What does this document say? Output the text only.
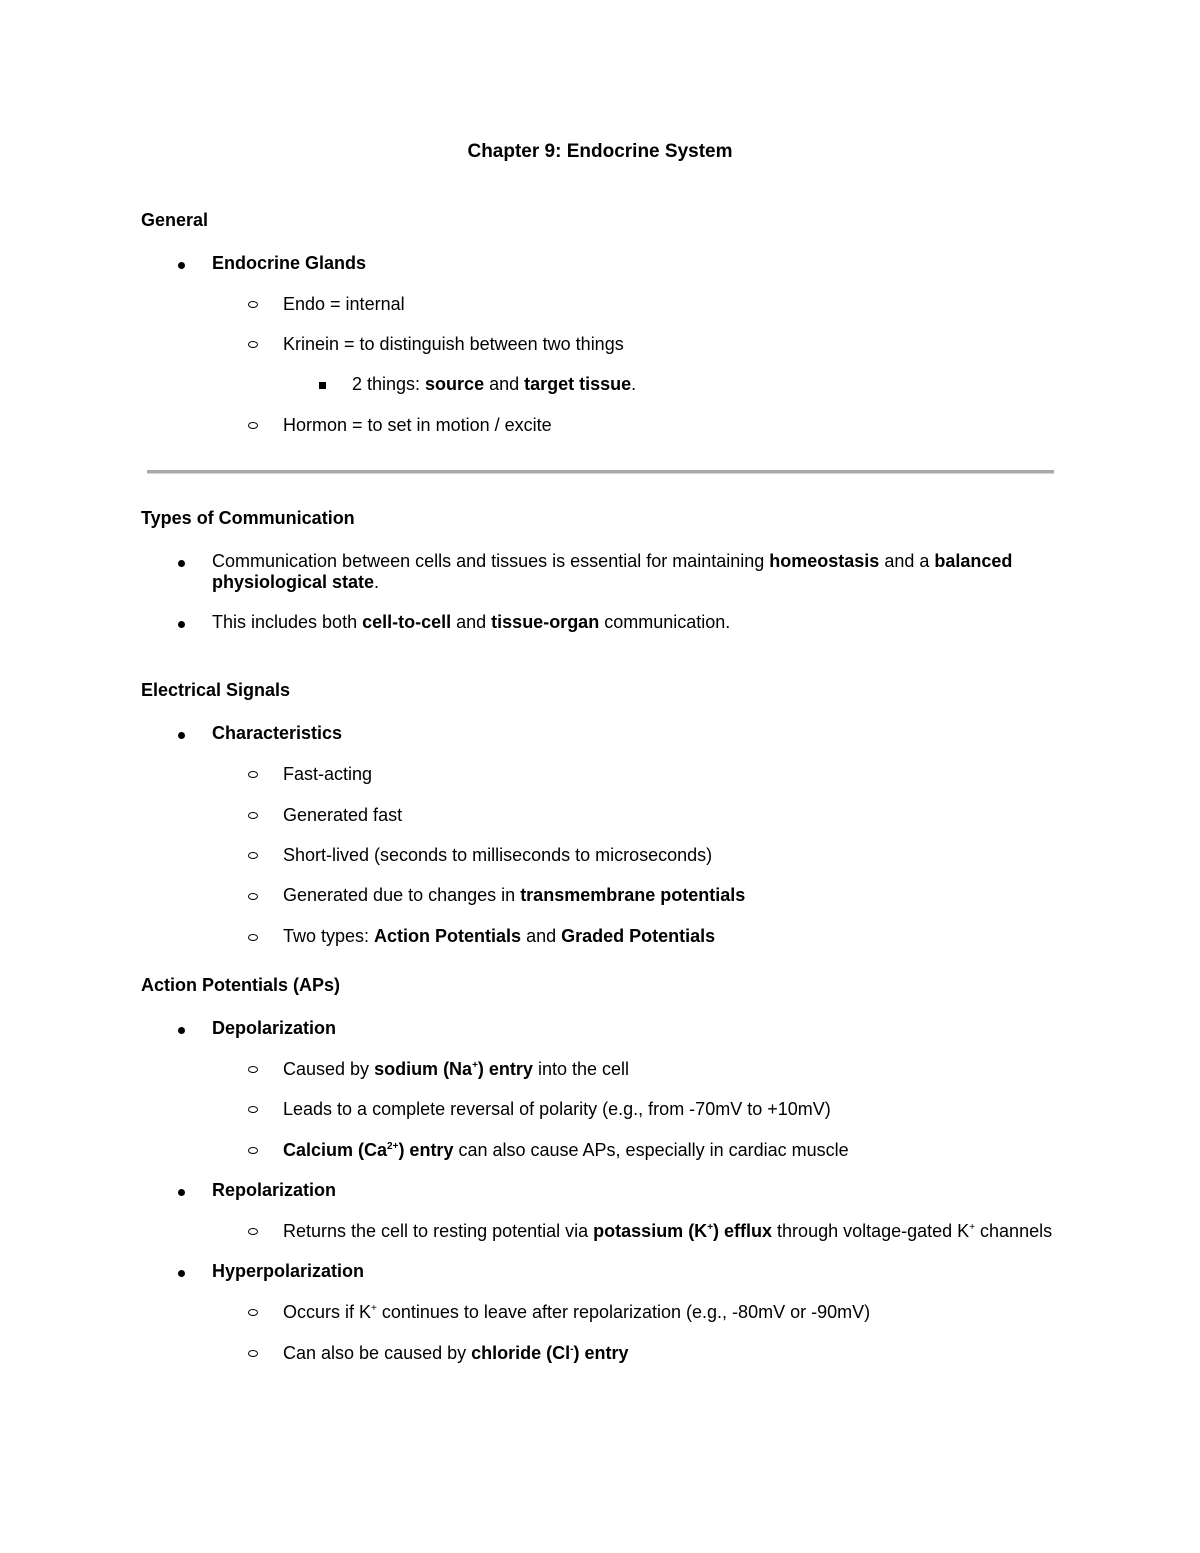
Chapter 9: Endocrine System
General
Endocrine Glands
Endo = internal
Krinein = to distinguish between two things
2 things: source and target tissue.
Hormon = to set in motion / excite
Types of Communication
Communication between cells and tissues is essential for maintaining homeostasis and a balanced physiological state.
This includes both cell-to-cell and tissue-organ communication.
Electrical Signals
Characteristics
Fast-acting
Generated fast
Short-lived (seconds to milliseconds to microseconds)
Generated due to changes in transmembrane potentials
Two types: Action Potentials and Graded Potentials
Action Potentials (APs)
Depolarization
Caused by sodium (Na+) entry into the cell
Leads to a complete reversal of polarity (e.g., from -70mV to +10mV)
Calcium $(Ca^{2+})$ entry can also cause APs, especially in cardiac muscle
Repolarization
Returns the cell to resting potential via potassium (K+) efflux through voltage-gated K+ channels
Hyperpolarization
Occurs if K+ continues to leave after repolarization (e.g., -80mV or -90mV)
Can also be caused by chloride (Cl-) entry
